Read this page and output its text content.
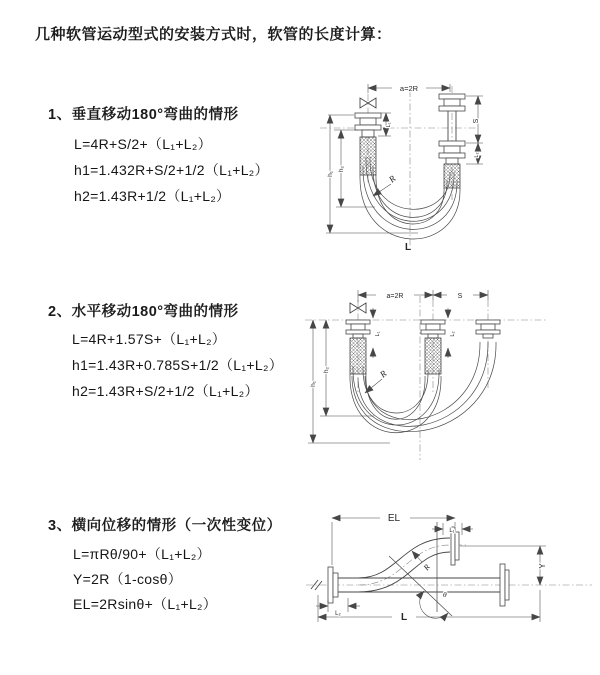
几种软管运动型式的安装方式时，软管的长度计算：
1、垂直移动180°弯曲的情形
L=4R+S/2+（L₁+L₂）
h1=1.432R+S/2+1/2（L₁+L₂）
h2=1.43R+1/2（L₁+L₂）
2、水平移动180°弯曲的情形
L=4R+1.57S+（L₁+L₂）
h1=1.43R+0.785S+1/2（L₁+L₂）
h2=1.43R+S/2+1/2（L₁+L₂）
3、横向位移的情形（一次性变位）
L=πRθ/90+（L₁+L₂）
Y=2R（1-cosθ）
EL=2Rsinθ+（L₁+L₂）
a=2R
S
L₂
L₁
h₁
h₂
R
L
a=2R	S
L₁	L₂
h₁
h₂	R
EL
L₁
Y
L
L₂
θ
R
